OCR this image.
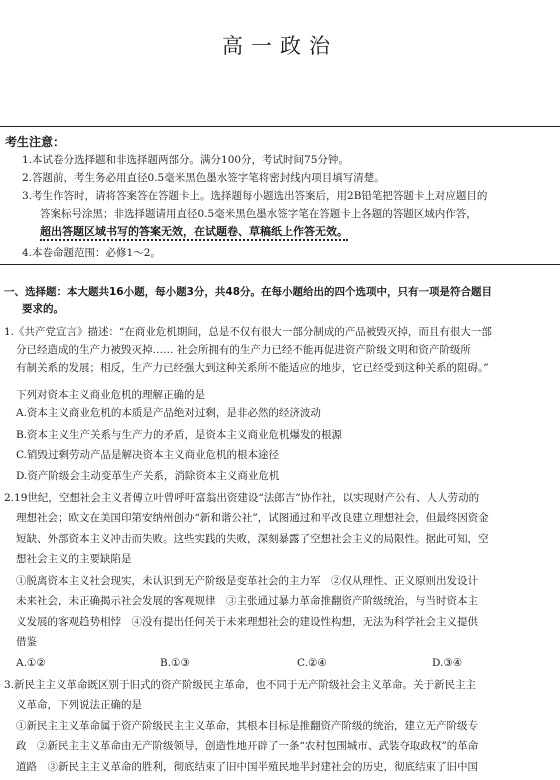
高一政治
考生注意：
1.本试卷分选择题和非选择题两部分。满分100分，考试时间75分钟。
2.答题前，考生务必用直径0.5毫米黑色墨水签字笔将密封线内项目填写清楚。
3.考生作答时，请将答案答在答题卡上。选择题每小题选出答案后，用2B铅笔把答题卡上对应题目的
答案标号涂黑；非选择题请用直径0.5毫米黑色墨水签字笔在答题卡上各题的答题区域内作答，
超出答题区域书写的答案无效，在试题卷、草稿纸上作答无效。
4.本卷命题范围：必修1～2。
一、选择题：本大题共16小题，每小题3分，共48分。在每小题给出的四个选项中，只有一项是符合题目
要求的。
1.《共产党宣言》描述：“在商业危机期间，总是不仅有很大一部分制成的产品被毁灭掉，而且有很大一部
分已经造成的生产力被毁灭掉…… 社会所拥有的生产力已经不能再促进资产阶级文明和资产阶级所
有制关系的发展；相反，生产力已经强大到这种关系所不能适应的地步，它已经受到这种关系的阻碍。”
下列对资本主义商业危机的理解正确的是
A.资本主义商业危机的本质是产品绝对过剩，是非必然的经济波动
B.资本主义生产关系与生产力的矛盾，是资本主义商业危机爆发的根源
C.销毁过剩劳动产品是解决资本主义商业危机的根本途径
D.资产阶级会主动变革生产关系，消除资本主义商业危机
2.19世纪，空想社会主义者傅立叶曾呼吁富翁出资建设“法郎吉”协作社，以实现财产公有、人人劳动的
理想社会；欧文在美国印第安纳州创办“新和谐公社”，试图通过和平改良建立理想社会，但最终因资金
短缺、外部资本主义冲击而失败。这些实践的失败，深刻暴露了空想社会主义的局限性。据此可知，空
想社会主义的主要缺陷是
①脱离资本主义社会现实，未认识到无产阶级是变革社会的主力军　②仅从理性、正义原则出发设计
未来社会，未正确揭示社会发展的客观规律　③主张通过暴力革命推翻资产阶级统治，与当时资本主
义发展的客观趋势相悖　④没有提出任何关于未来理想社会的建设性构想，无法为科学社会主义提供
借鉴
A.①②	B.①③	C.②④	D.③④
3.新民主主义革命既区别于旧式的资产阶级民主革命，也不同于无产阶级社会主义革命。关于新民主主
义革命，下列说法正确的是
①新民主主义革命属于资产阶级民主主义革命，其根本目标是推翻资产阶级的统治，建立无产阶级专
政　②新民主主义革命由无产阶级领导，创造性地开辟了一条“农村包围城市、武装夺取政权”的革命
道路　③新民主主义革命的胜利，彻底结束了旧中国半殖民地半封建社会的历史，彻底结束了旧中国
